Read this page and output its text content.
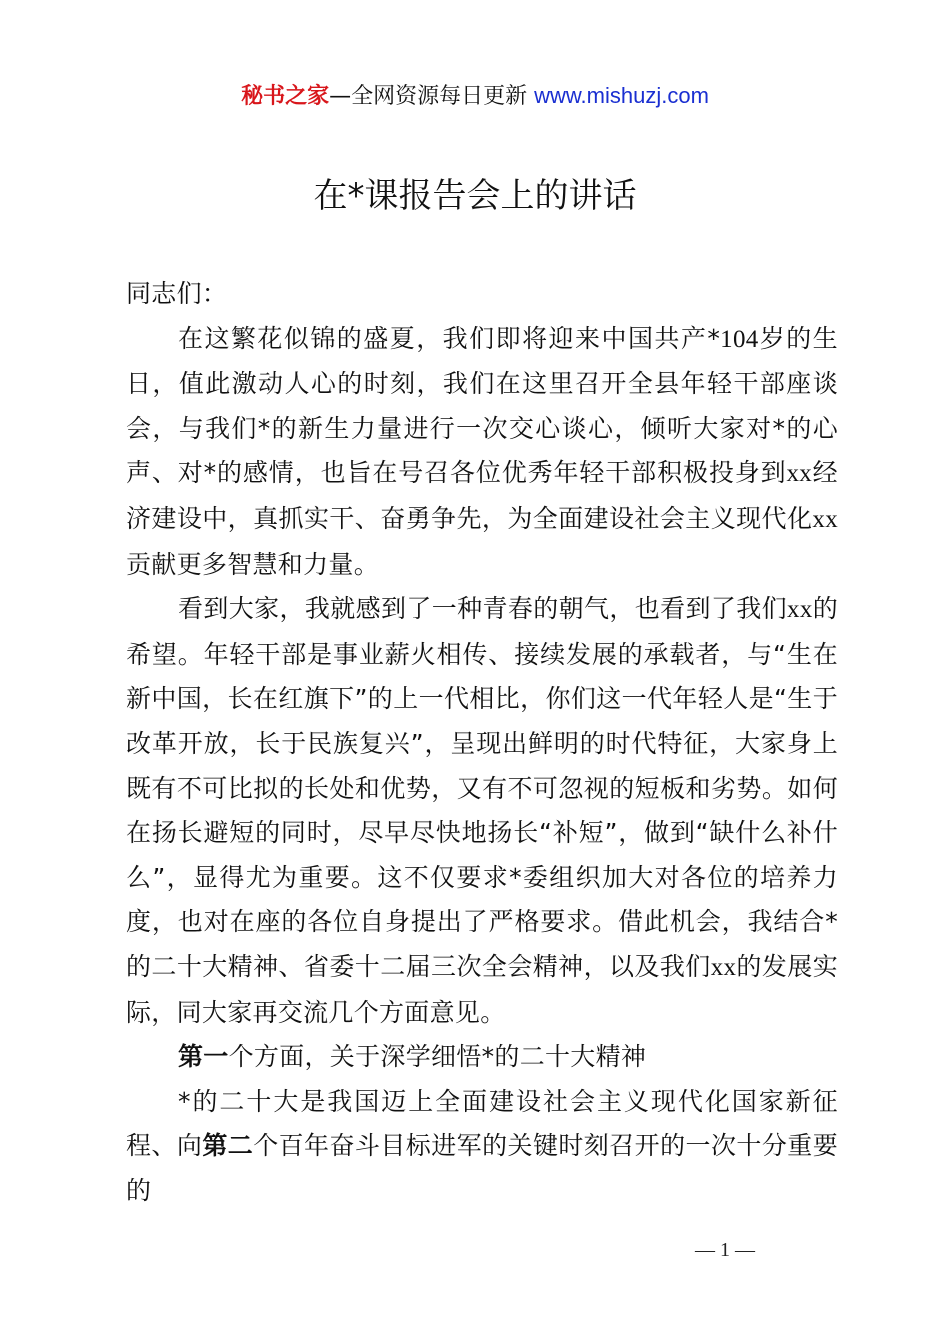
秘书之家—全网资源每日更新 www.mishuzj.com
在*课报告会上的讲话

同志们：

在这繁花似锦的盛夏，我们即将迎来中国共产*104岁的生日，值此激动人心的时刻，我们在这里召开全县年轻干部座谈会，与我们*的新生力量进行一次交心谈心，倾听大家对*的心声、对*的感情，也旨在号召各位优秀年轻干部积极投身到xx经济建设中，真抓实干、奋勇争先，为全面建设社会主义现代化xx贡献更多智慧和力量。

看到大家，我就感到了一种青春的朝气，也看到了我们xx的希望。年轻干部是事业薪火相传、接续发展的承载者，与“生在新中国，长在红旗下”的上一代相比，你们这一代年轻人是“生于改革开放，长于民族复兴”，呈现出鲜明的时代特征，大家身上既有不可比拟的长处和优势，又有不可忽视的短板和劣势。如何在扬长避短的同时，尽早尽快地扬长“补短”，做到“缺什么补什么”，显得尤为重要。这不仅要求*委组织加大对各位的培养力度，也对在座的各位自身提出了严格要求。借此机会，我结合*的二十大精神、省委十二届三次全会精神，以及我们xx的发展实际，同大家再交流几个方面意见。

第一个方面，关于深学细悟*的二十大精神

*的二十大是我国迈上全面建设社会主义现代化国家新征程、向第二个百年奋斗目标进军的关键时刻召开的一次十分重要的

— 1 —
